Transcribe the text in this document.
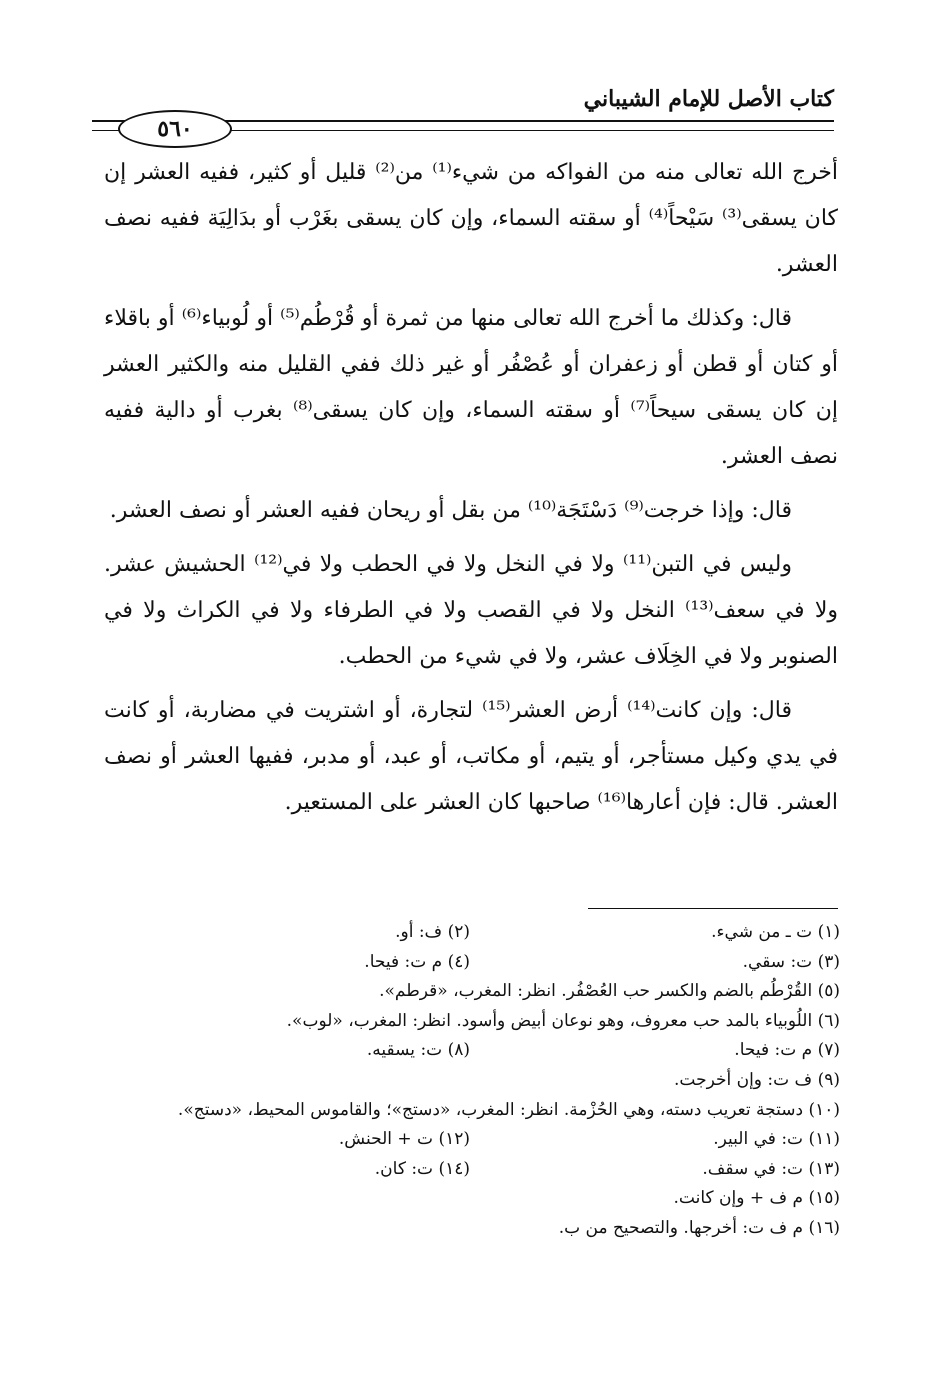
كتاب الأصل للإمام الشيباني
٥٦٠

أخرج الله تعالى منه من الفواكه من شيء⁽¹⁾ من⁽²⁾ قليل أو كثير، ففيه العشر إن كان يسقى⁽³⁾ سَيْحاً⁽⁴⁾ أو سقته السماء، وإن كان يسقى بغَرْب أو بدَالِيَة ففيه نصف العشر.

قال: وكذلك ما أخرج الله تعالى منها من ثمرة أو قُرْطُم⁽⁵⁾ أو لُوبياء⁽⁶⁾ أو باقلاء أو كتان أو قطن أو زعفران أو عُصْفُر أو غير ذلك ففي القليل منه والكثير العشر إن كان يسقى سيحاً⁽⁷⁾ أو سقته السماء، وإن كان يسقى⁽⁸⁾ بغرب أو دالية ففيه نصف العشر.

قال: وإذا خرجت⁽⁹⁾ دَسْتَجَة⁽¹⁰⁾ من بقل أو ريحان ففيه العشر أو نصف العشر.

وليس في التبن⁽¹¹⁾ ولا في النخل ولا في الحطب ولا في⁽¹²⁾ الحشيش عشر. ولا في سعف⁽¹³⁾ النخل ولا في القصب ولا في الطرفاء ولا في الكراث ولا في الصنوبر ولا في الخِلَاف عشر، ولا في شيء من الحطب.

قال: وإن كانت⁽¹⁴⁾ أرض العشر⁽¹⁵⁾ لتجارة، أو اشتريت في مضاربة، أو كانت في يدي وكيل مستأجر، أو يتيم، أو مكاتب، أو عبد، أو مدبر، ففيها العشر أو نصف العشر. قال: فإن أعارها⁽¹⁶⁾ صاحبها كان العشر على المستعير.

(١) ت ـ من شيء.
(٢) ف: أو.
(٣) ت: سقي.
(٤) م ت: فيحا.
(٥) القُرْطُم بالضم والكسر حب العُصْفُر. انظر: المغرب، «قرطم».
(٦) اللُوبياء بالمد حب معروف، وهو نوعان أبيض وأسود. انظر: المغرب، «لوب».
(٧) م ت: فيحا.
(٨) ت: يسقيه.
(٩) ف ت: وإن أخرجت.
(١٠) دستجة تعريب دسته، وهي الحُزْمة. انظر: المغرب، «دستج»؛ والقاموس المحيط، «دستج».
(١١) ت: في البير.
(١٢) ت + الحنش.
(١٣) ت: في سقف.
(١٤) ت: كان.
(١٥) م ف + وإن كانت.
(١٦) م ف ت: أخرجها. والتصحيح من ب.
